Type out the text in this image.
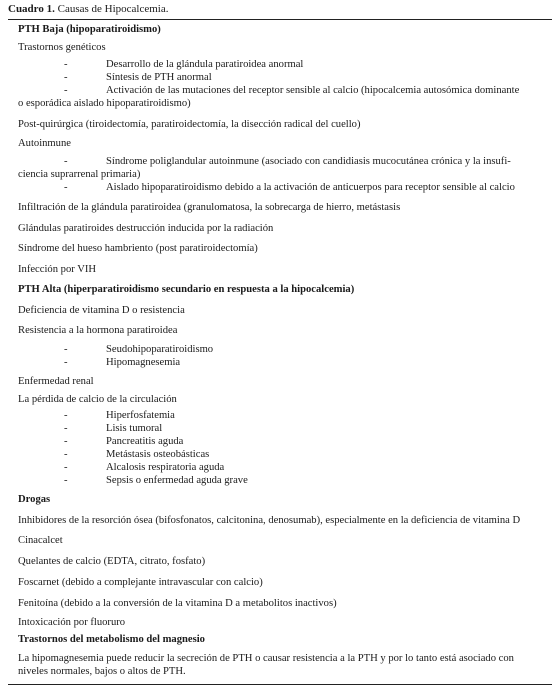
Cuadro 1. Causas de Hipocalcemia.
PTH Baja (hipoparatiroidismo)
Trastornos genéticos
-	Desarrollo de la glándula paratiroidea anormal
-	Síntesis de PTH anormal
-	Activación de las mutaciones del receptor sensible al calcio (hipocalcemia autosómica dominante
o esporádica aislado hipoparatiroidismo)
Post-quirúrgica (tiroidectomía, paratiroidectomía, la disección radical del cuello)
Autoinmune
-	Síndrome poliglandular autoinmune (asociado con candidiasis mucocutánea crónica y la insufi-
ciencia suprarrenal primaria)
-	Aislado hipoparatiroidismo debido a la activación de anticuerpos para receptor sensible al calcio
Infiltración de la glándula paratiroidea (granulomatosa, la sobrecarga de hierro, metástasis
Glándulas paratiroides destrucción inducida por la radiación
Síndrome del hueso hambriento (post paratiroidectomía)
Infección por VIH
PTH Alta (hiperparatiroidismo secundario en respuesta a la hipocalcemia)
Deficiencia de vitamina D o resistencia
Resistencia a la hormona paratiroidea
-	Seudohipoparatiroidismo
-	Hipomagnesemia
Enfermedad renal
La pérdida de calcio de la circulación
-	Hiperfosfatemia
-	Lisis tumoral
-	Pancreatitis aguda
-	Metástasis osteobásticas
-	Alcalosis respiratoria aguda
-	Sepsis o enfermedad aguda grave
Drogas
Inhibidores de la resorción ósea (bifosfonatos, calcitonina, denosumab), especialmente en la deficiencia de vitamina D
Cinacalcet
Quelantes de calcio (EDTA, citrato, fosfato)
Foscarnet (debido a complejante intravascular con calcio)
Fenitoína (debido a la conversión de la vitamina D a metabolitos inactivos)
Intoxicación por fluoruro
Trastornos del metabolismo del magnesio
La hipomagnesemia puede reducir la secreción de PTH o causar resistencia a la PTH y por lo tanto está asociado con
niveles normales, bajos o altos de PTH.
